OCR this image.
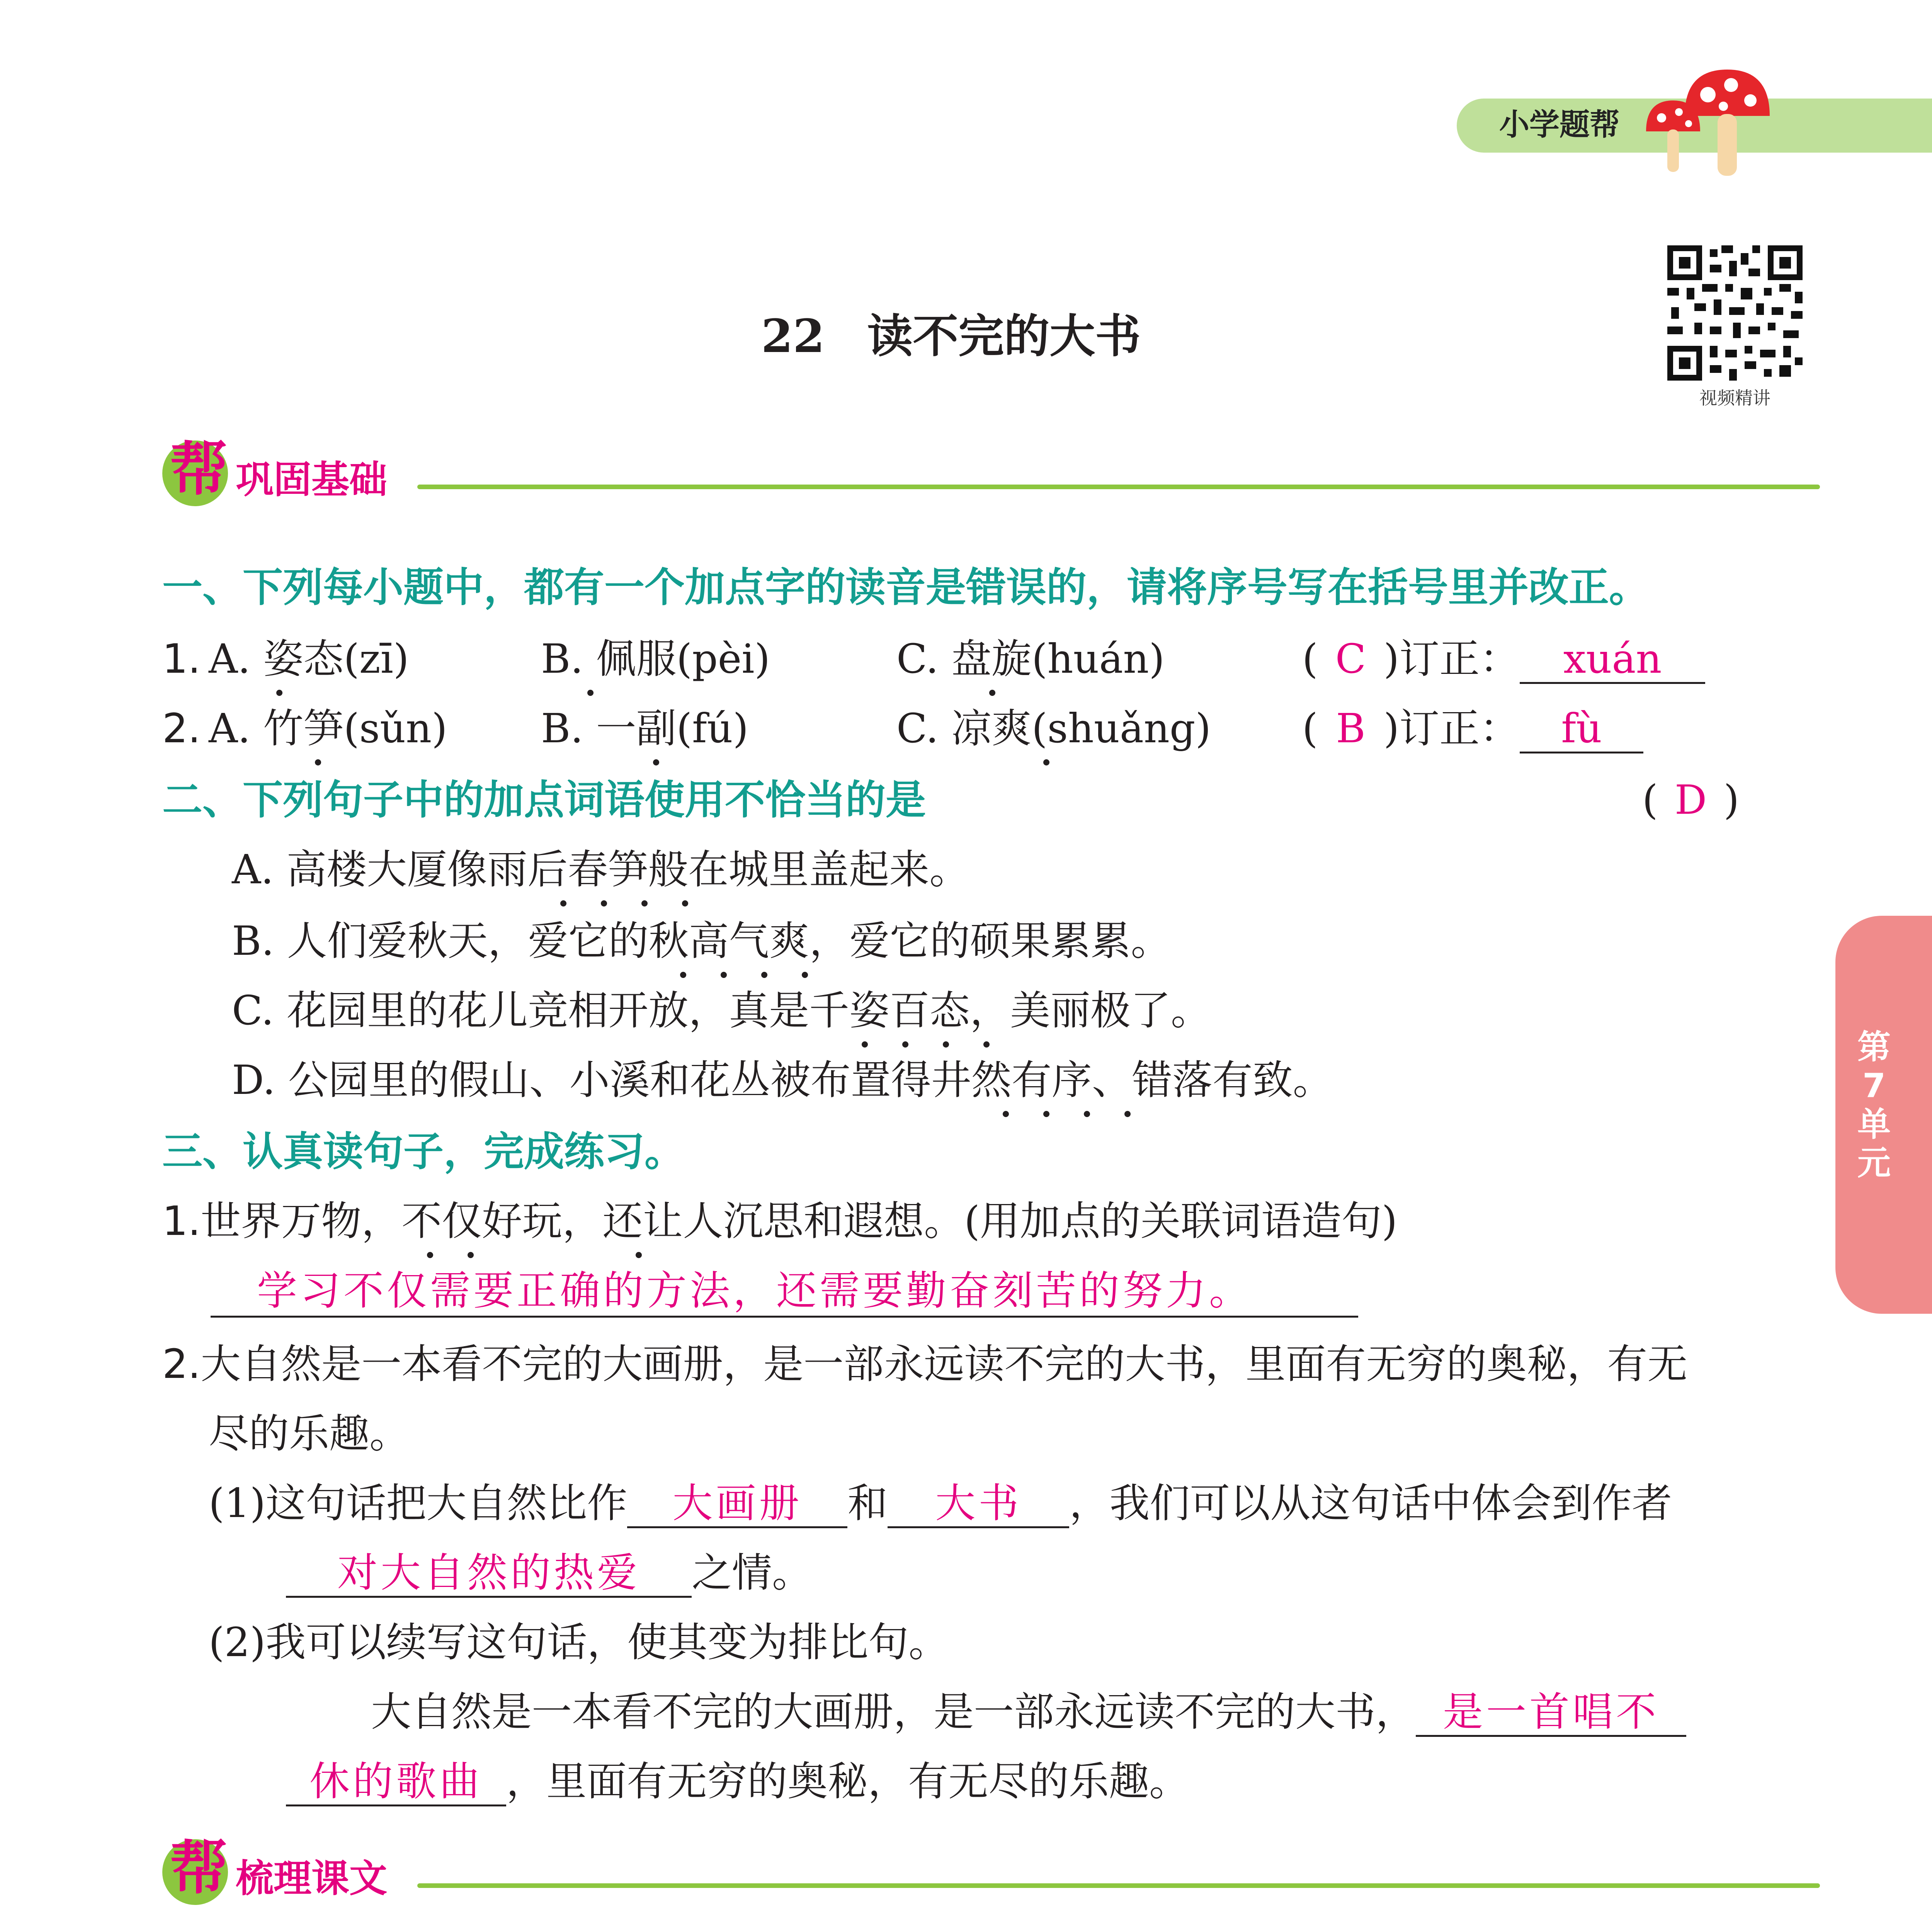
小学题帮
视频精讲
22 读不完的大书
第
7
单
元
帮 巩固基础
一、下列每小题中，都有一个加点字的读音是错误的，请将序号写在括号里并改正。
1. A. 姿态(zī)	B. 佩服(pèi)	C. 盘旋(huán)	( C )订正： xuán
2. A. 竹笋(sǔn) B. 一副(fú)	C. 凉爽(shuǎng) ( B )订正： fù
二、下列句子中的加点词语使用不恰当的是	( D )
A. 高楼大厦像雨后春笋般在城里盖起来。
B. 人们爱秋天，爱它的秋高气爽，爱它的硕果累累。
C. 花园里的花儿竞相开放，真是千姿百态，美丽极了。
D. 公园里的假山、小溪和花丛被布置得井然有序、错落有致。
三、认真读句子，完成练习。
1.世界万物，不仅好玩，还让人沉思和遐想。(用加点的关联词语造句)
学习不仅需要正确的方法，还需要勤奋刻苦的努力。
2.大自然是一本看不完的大画册，是一部永远读不完的大书，里面有无穷的奥秘，有无
尽的乐趣。
(1)这句话把大自然比作 大画册 和 大书 ，我们可以从这句话中体会到作者
对大自然的热爱 之情。
(2)我可以续写这句话，使其变为排比句。
大自然是一本看不完的大画册，是一部永远读不完的大书， 是一首唱不
休的歌曲 ，里面有无穷的奥秘，有无尽的乐趣。
帮 梳理课文
